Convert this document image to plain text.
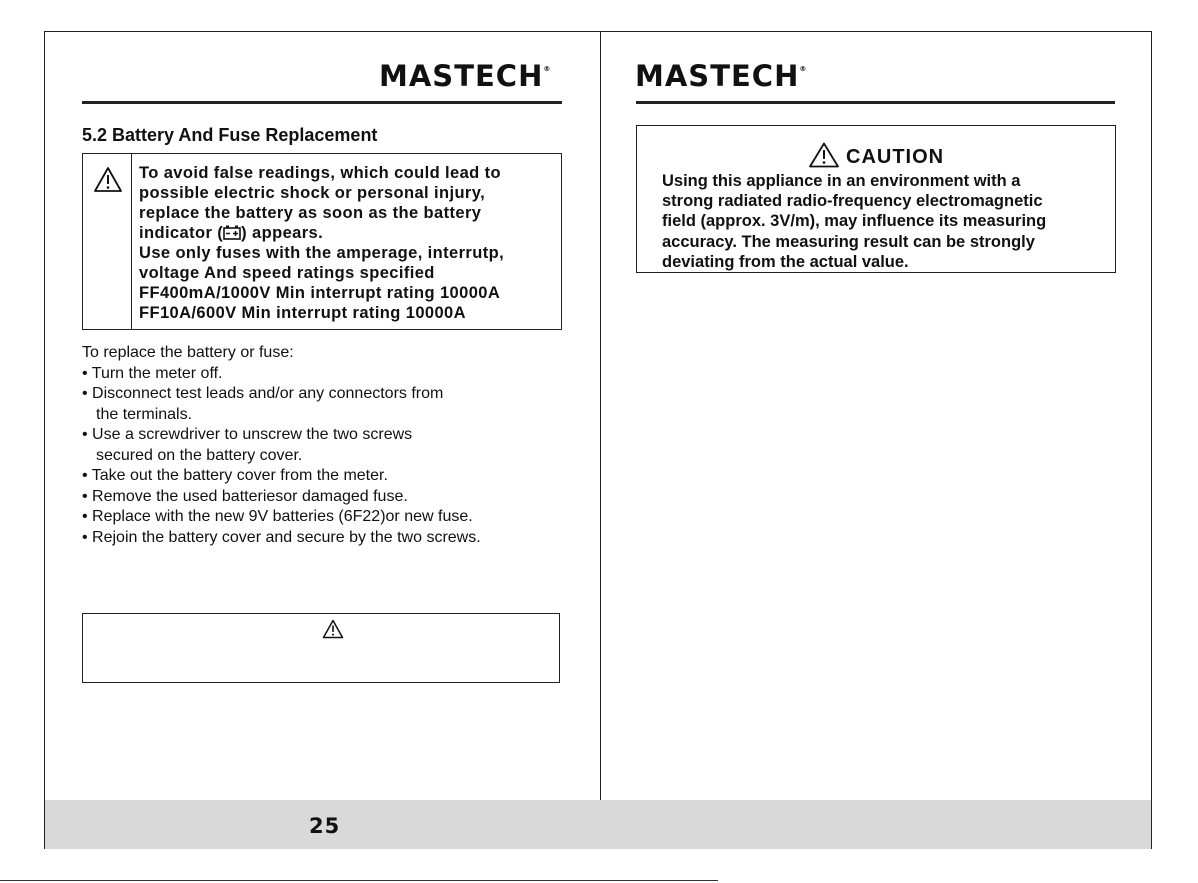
MASTECH®
5.2 Battery And Fuse Replacement
To avoid false readings, which could lead to
possible electric shock or personal injury,
replace the battery as soon as the battery
indicator ( ) appears.
Use only fuses with the amperage, interrutp,
voltage And speed ratings specified
FF400mA/1000V Min interrupt rating 10000A
FF10A/600V Min interrupt rating 10000A
To replace the battery or fuse:
• Turn the meter off.
• Disconnect test leads and/or any connectors from
the terminals.
• Use a screwdriver to unscrew the two screws
secured on the battery cover.
• Take out the battery cover from the meter.
• Remove the used batteriesor damaged fuse.
• Replace with the new 9V batteries (6F22)or new fuse.
• Rejoin the battery cover and secure by the two screws.
MASTECH®
CAUTION
Using this appliance in an environment with a
strong radiated radio-frequency electromagnetic
field (approx. 3V/m), may influence its measuring
accuracy. The measuring result can be strongly
deviating from the actual value.
25
